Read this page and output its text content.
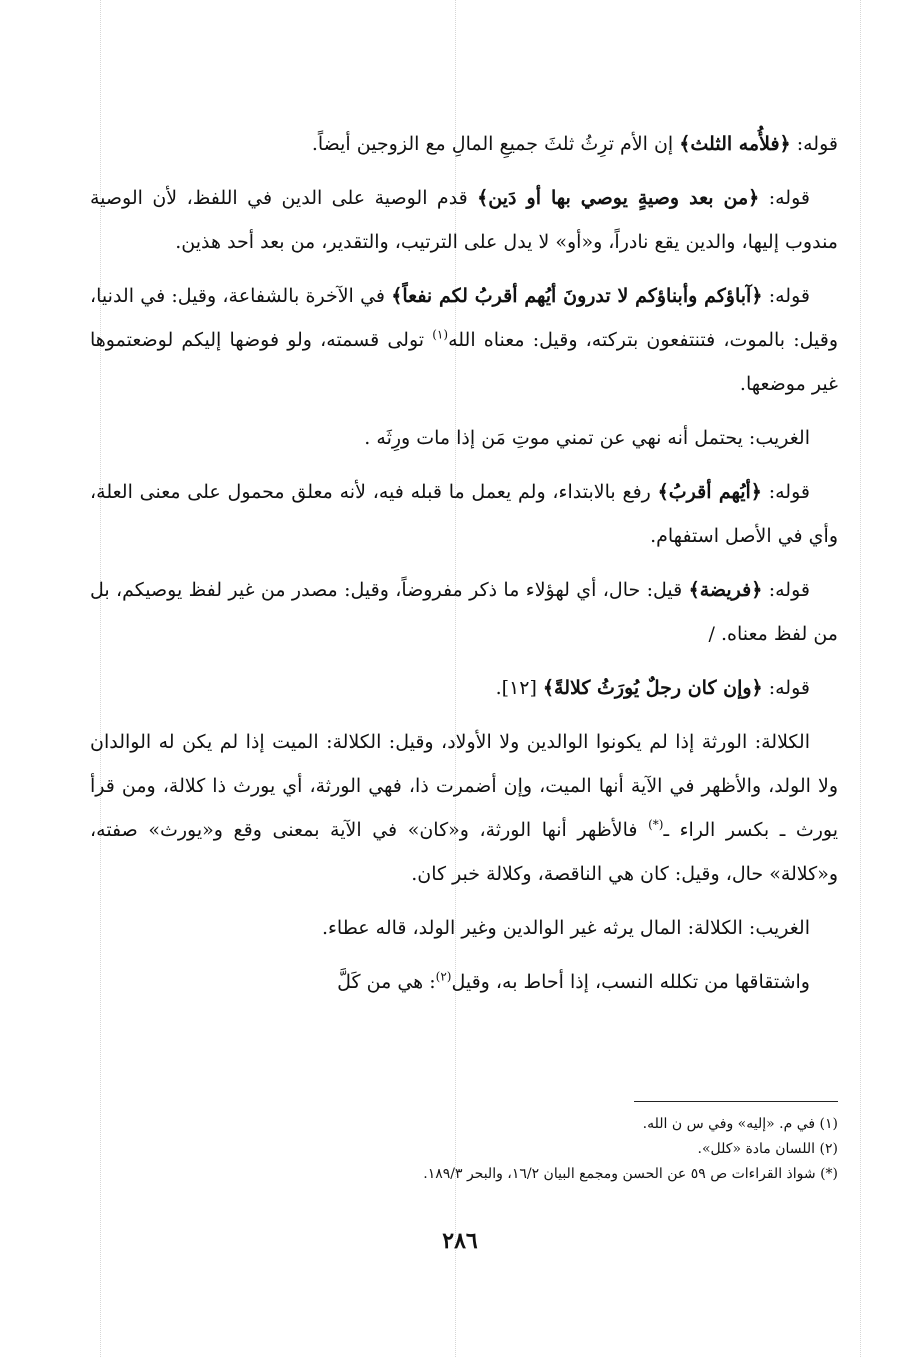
قوله: ﴿فلأُمه الثلث﴾ إن الأم ترِثُ ثلثَ جميعِ المالِ مع الزوجين أيضاً.

قوله: ﴿من بعد وصيةٍ يوصي بها أو دَين﴾ قدم الوصية على الدين في اللفظ، لأن الوصية مندوب إليها، والدين يقع نادراً، و«أو» لا يدل على الترتيب، والتقدير، من بعد أحد هذين.

قوله: ﴿آباؤكم وأبناؤكم لا تدرونَ أيُهم أقربُ لكم نفعاً﴾ في الآخرة بالشفاعة، وقيل: في الدنيا، وقيل: بالموت، فتنتفعون بتركته، وقيل: معناه الله$^{(١)}$ تولى قسمته، ولو فوضها إليكم لوضعتموها غير موضعها.

الغريب: يحتمل أنه نهي عن تمني موتِ مَن إذا مات ورِثَه .

قوله: ﴿أيُهم أقربُ﴾ رفع بالابتداء، ولم يعمل ما قبله فيه، لأنه معلق محمول على معنى العلة، وأي في الأصل استفهام.

قوله: ﴿فريضة﴾ قيل: حال، أي لهؤلاء ما ذكر مفروضاً، وقيل: مصدر من غير لفظ يوصيكم، بل من لفظ معناه. /

قوله: ﴿وإن كان رجلٌ يُورَثُ كلالةً﴾ [١٢].

الكلالة: الورثة إذا لم يكونوا الوالدين ولا الأولاد، وقيل: الكلالة: الميت إذا لم يكن له الوالدان ولا الولد، والأظهر في الآية أنها الميت، وإن أضمرت ذا، فهي الورثة، أي يورث ذا كلالة، ومن قرأ يورث ـ بكسر الراء ـ(*) فالأظهر أنها الورثة، و«كان» في الآية بمعنى وقع و«يورث» صفته، و«كلالة» حال، وقيل: كان هي الناقصة، وكلالة خبر كان.

الغريب: الكلالة: المال يرثه غير الوالدين وغير الولد، قاله عطاء.

واشتقاقها من تكلله النسب، إذا أحاط به، وقيل$^{(٢)}$: هي من كَلَّ

(١) في م. «إليه» وفي س ن الله.

(٢) اللسان مادة «كلل».

(*) شواذ القراءات ص ٥٩ عن الحسن ومجمع البيان ١٦/٢، والبحر ١٨٩/٣.

٢٨٦
